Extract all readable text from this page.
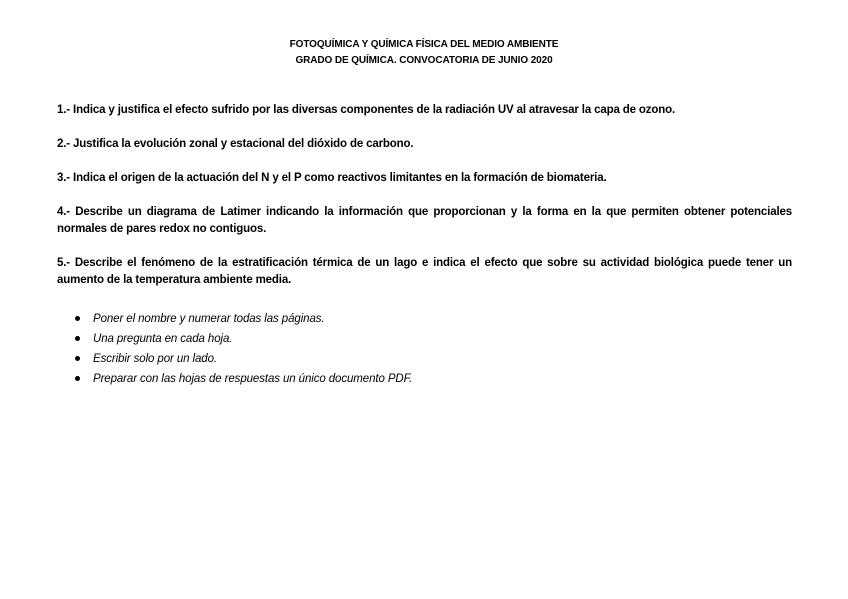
FOTOQUÍMICA Y QUÍMICA FÍSICA DEL MEDIO AMBIENTE
GRADO DE QUÍMICA. CONVOCATORIA DE JUNIO 2020

1.- Indica y justifica el efecto sufrido por las diversas componentes de la radiación UV al atravesar la capa de ozono.

2.- Justifica la evolución zonal y estacional del dióxido de carbono.

3.- Indica el origen de la actuación del N y el P como reactivos limitantes en la formación de biomateria.

4.- Describe un diagrama de Latimer indicando la información que proporcionan y la forma en la que permiten obtener potenciales normales de pares redox no contiguos.

5.- Describe el fenómeno de la estratificación térmica de un lago e indica el efecto que sobre su actividad biológica puede tener un aumento de la temperatura ambiente media.

Poner el nombre y numerar todas las páginas.
Una pregunta en cada hoja.
Escribir solo por un lado.
Preparar con las hojas de respuestas un único documento PDF.
